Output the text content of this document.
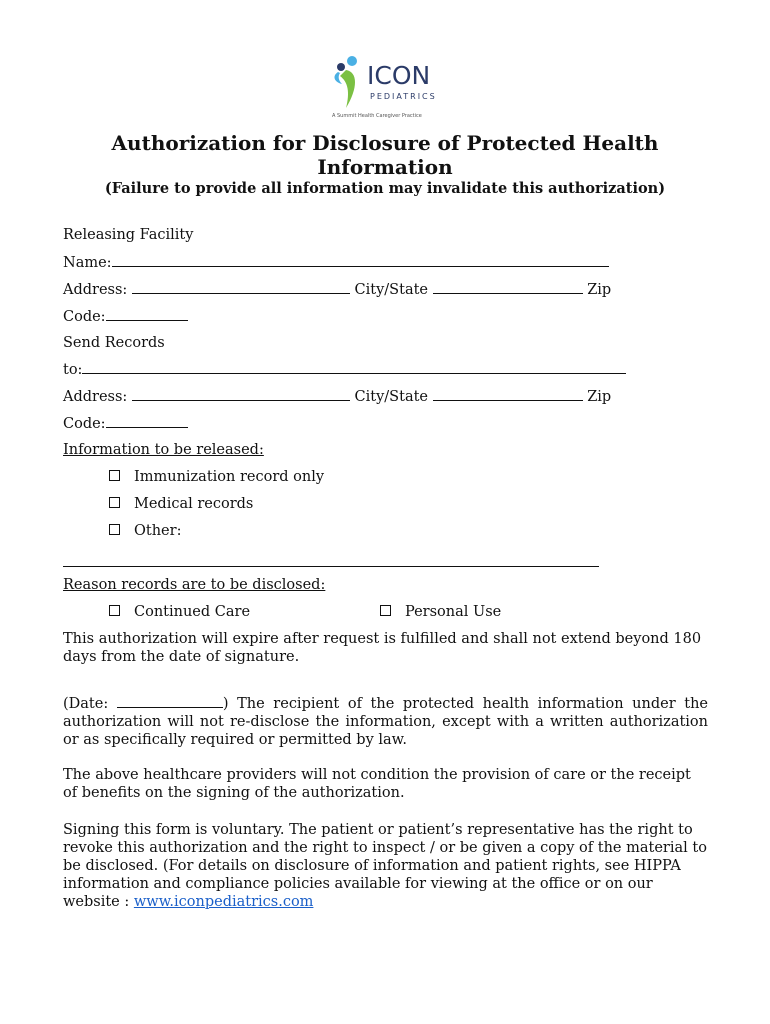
ICON
PEDIATRICS
A Summit Health Caregiver Practice
Authorization for Disclosure of Protected Health Information
(Failure to provide all information may invalidate this authorization)
Releasing Facility
Name:
Address:	City/State	Zip
Code:
Send Records
to:
Address:	City/State	Zip
Code:
Information to be released:
Immunization record only
Medical records
Other:
Reason records are to be disclosed:
Continued Care	Personal Use
This authorization will expire after request is fulfilled and shall not extend beyond 180 days from the date of signature.
(Date:	) The recipient of the protected health information under the authorization will not re-disclose the information, except with a written authorization or as specifically required or permitted by law.
The above healthcare providers will not condition the provision of care or the receipt of benefits on the signing of the authorization.
Signing this form is voluntary. The patient or patient’s representative has the right to revoke this authorization and the right to inspect / or be given a copy of the material to be disclosed. (For details on disclosure of information and patient rights, see HIPPA information and compliance policies available for viewing at the office or on our website : www.iconpediatrics.com
